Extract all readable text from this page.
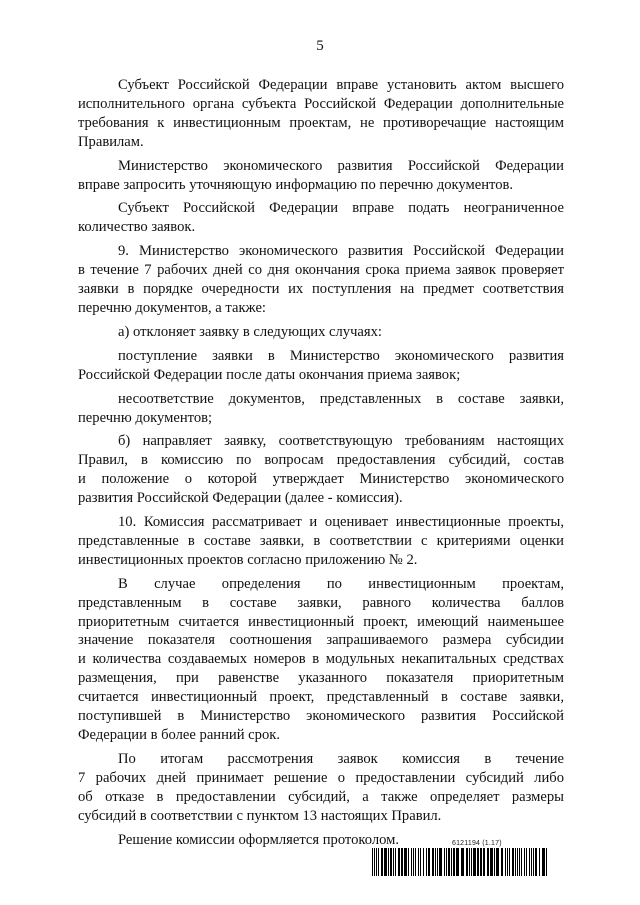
5
Субъект Российской Федерации вправе установить актом высшего
исполнительного органа субъекта Российской Федерации дополнительные
требования к инвестиционным проектам, не противоречащие настоящим
Правилам.
Министерство экономического развития Российской Федерации
вправе запросить уточняющую информацию по перечню документов.
Субъект Российской Федерации вправе подать неограниченное
количество заявок.
9. Министерство экономического развития Российской Федерации
в течение 7 рабочих дней со дня окончания срока приема заявок проверяет
заявки в порядке очередности их поступления на предмет соответствия
перечню документов, а также:
а) отклоняет заявку в следующих случаях:
поступление заявки в Министерство экономического развития
Российской Федерации после даты окончания приема заявок;
несоответствие документов, представленных в составе заявки,
перечню документов;
б) направляет заявку, соответствующую требованиям настоящих
Правил, в комиссию по вопросам предоставления субсидий, состав
и положение о которой утверждает Министерство экономического
развития Российской Федерации (далее - комиссия).
10. Комиссия рассматривает и оценивает инвестиционные проекты,
представленные в составе заявки, в соответствии с критериями оценки
инвестиционных проектов согласно приложению № 2.
В случае определения по инвестиционным проектам,
представленным в составе заявки, равного количества баллов
приоритетным считается инвестиционный проект, имеющий наименьшее
значение показателя соотношения запрашиваемого размера субсидии
и количества создаваемых номеров в модульных некапитальных средствах
размещения, при равенстве указанного показателя приоритетным
считается инвестиционный проект, представленный в составе заявки,
поступившей в Министерство экономического развития Российской
Федерации в более ранний срок.
По итогам рассмотрения заявок комиссия в течение
7 рабочих дней принимает решение о предоставлении субсидий либо
об отказе в предоставлении субсидий, а также определяет размеры
субсидий в соответствии с пунктом 13 настоящих Правил.
Решение комиссии оформляется протоколом.	6121194 (1.17)
